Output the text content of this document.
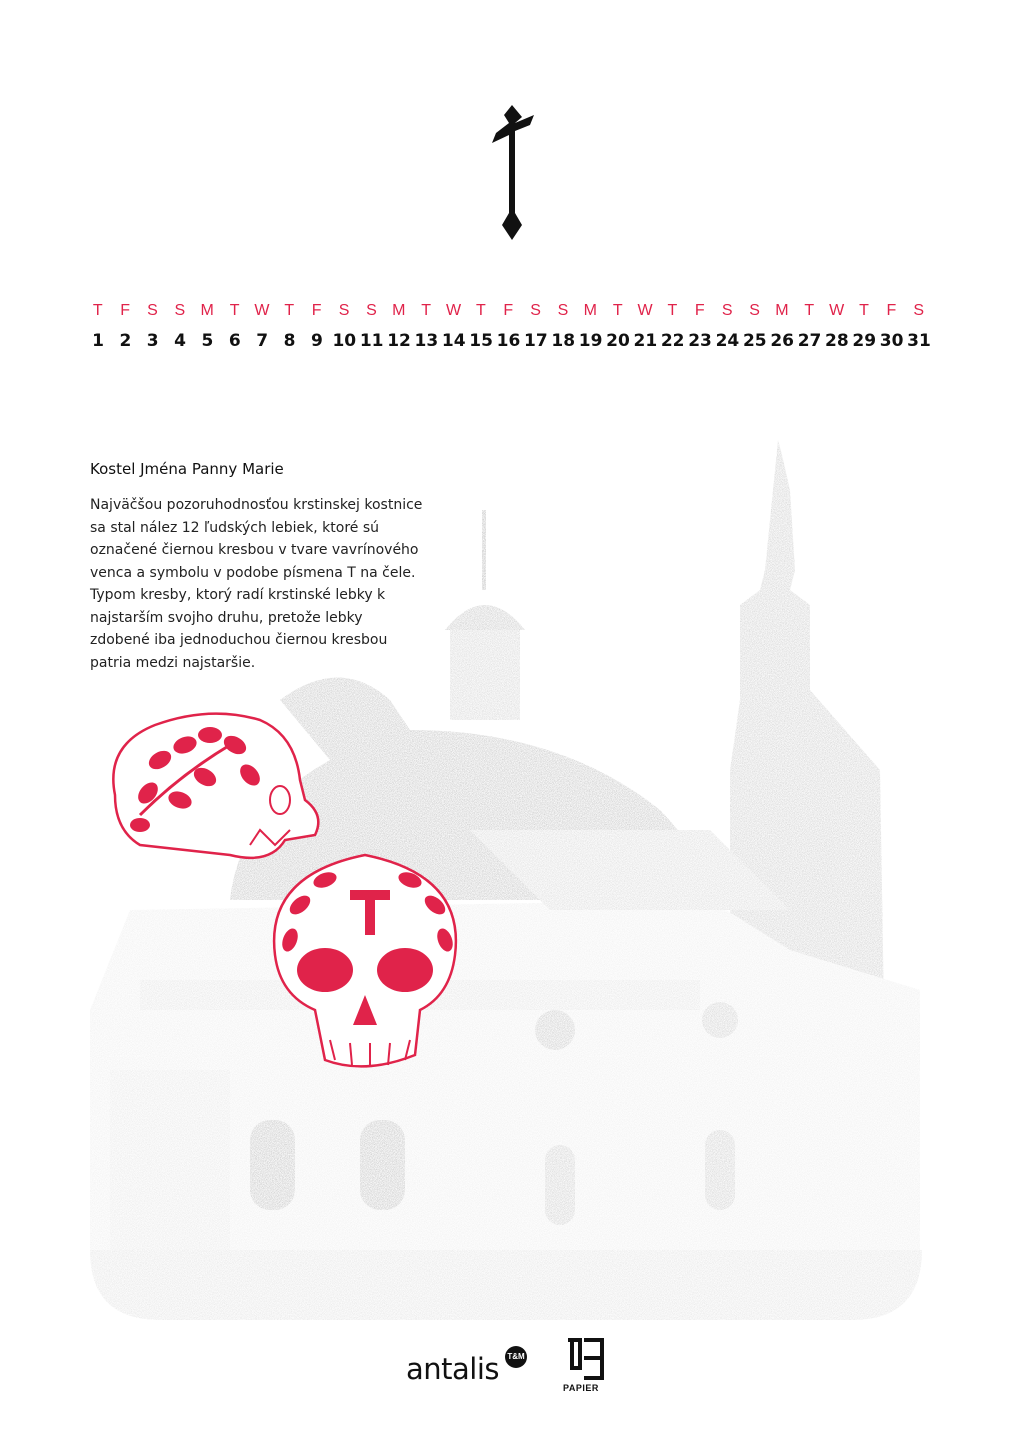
T
1
F
2
S
3
S
4
M
5
T
6
W
7
T
8
F
9
S
10
S
11
M
12
T
13
W
14
T
15
F
16
S
17
S
18
M
19
T
20
W
21
T
22
F
23
S
24
S
25
M
26
T
27
W
28
T
29
F
30
S
31

Kostel Jména Panny Marie

Najväčšou pozoruhodnosťou krstinskej kostnice sa stal nález 12 ľudských lebiek, ktoré sú označené čiernou kresbou v tvare vavrínového venca a symbolu v podobe písmena T na čele. Typom kresby, ktorý radí krstinské lebky k najstarším svojho druhu, pretože lebky zdobené iba jednoduchou čiernou kresbou patria medzi najstaršie.

antalis T&M
PAPIER
